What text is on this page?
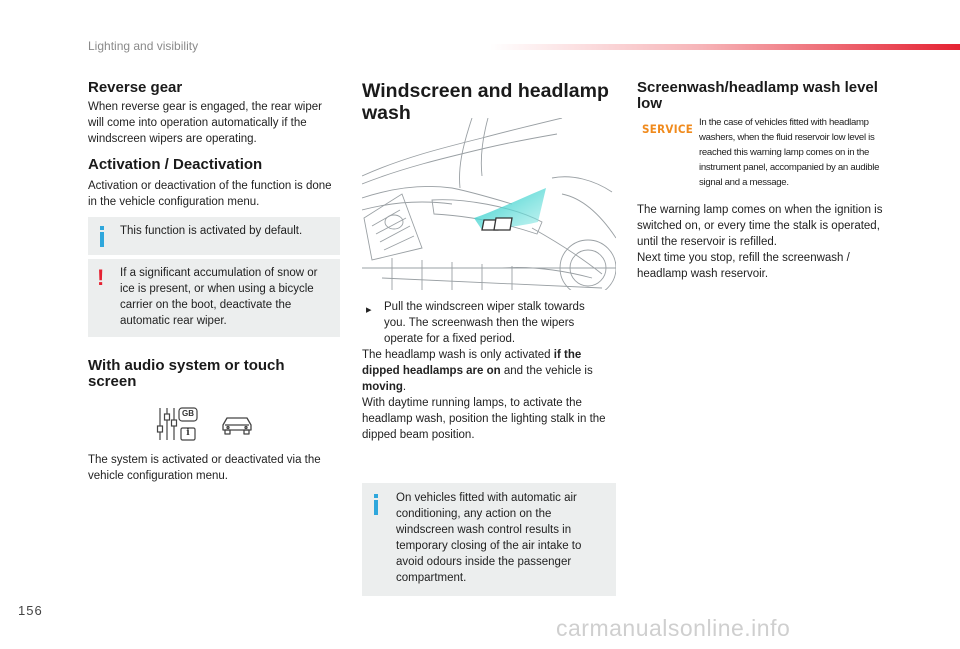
Lighting and visibility
Reverse gear
When reverse gear is engaged, the rear wiper will come into operation automatically if the windscreen wipers are operating.
Activation / Deactivation
Activation or deactivation of the function is done in the vehicle configuration menu.
This function is activated by default.
! If a significant accumulation of snow or ice is present, or when using a bicycle carrier on the boot, deactivate the automatic rear wiper.
With audio system or touch screen
GB
i
The system is activated or deactivated via the vehicle configuration menu.
Windscreen and headlamp wash
▸ Pull the windscreen wiper stalk towards you. The screenwash then the wipers operate for a fixed period.
The headlamp wash is only activated if the dipped headlamps are on and the vehicle is moving.
With daytime running lamps, to activate the headlamp wash, position the lighting stalk in the dipped beam position.
On vehicles fitted with automatic air conditioning, any action on the windscreen wash control results in temporary closing of the air intake to avoid odours inside the passenger compartment.
Screenwash/headlamp wash level low
SERVICE In the case of vehicles fitted with headlamp washers, when the fluid reservoir low level is reached this warning lamp comes on in the instrument panel, accompanied by an audible signal and a message.
The warning lamp comes on when the ignition is switched on, or every time the stalk is operated, until the reservoir is refilled.
Next time you stop, refill the screenwash / headlamp wash reservoir.
156
carmanualsonline.info
